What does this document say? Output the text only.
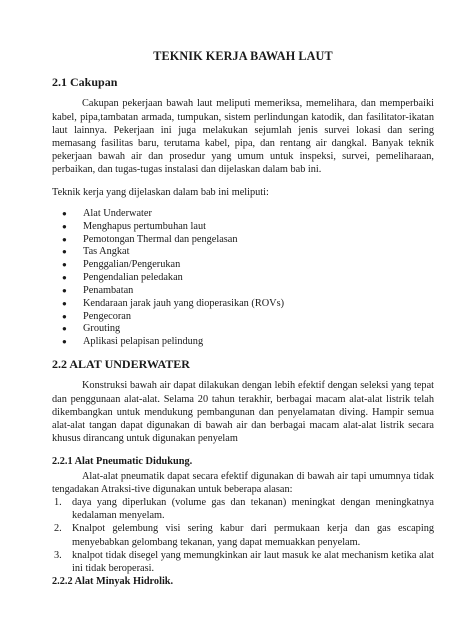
TEKNIK KERJA BAWAH LAUT
2.1 Cakupan

Cakupan pekerjaan bawah laut meliputi memeriksa, memelihara, dan memperbaiki kabel, pipa,tambatan armada, tumpukan, sistem perlindungan katodik, dan fasilitator-ikatan laut lainnya. Pekerjaan ini juga melakukan sejumlah jenis survei lokasi dan sering memasang fasilitas baru, terutama kabel, pipa, dan rentang air dangkal. Banyak teknik pekerjaan bawah air dan prosedur yang umum untuk inspeksi, survei, pemeliharaan, perbaikan, dan tugas-tugas instalasi dan dijelaskan dalam bab ini.

Teknik kerja yang dijelaskan dalam bab ini meliputi:

● Alat Underwater
● Menghapus pertumbuhan laut
● Pemotongan Thermal dan pengelasan
● Tas Angkat
● Penggalian/Pengerukan
● Pengendalian peledakan
● Penambatan
● Kendaraan jarak jauh yang dioperasikan (ROVs)
● Pengecoran
● Grouting
● Aplikasi pelapisan pelindung
2.2 ALAT UNDERWATER

Konstruksi bawah air dapat dilakukan dengan lebih efektif dengan seleksi yang tepat dan penggunaan alat-alat. Selama 20 tahun terakhir, berbagai macam alat-alat listrik telah dikembangkan untuk mendukung pembangunan dan penyelamatan diving. Hampir semua alat-alat tangan dapat digunakan di bawah air dan berbagai macam alat-alat listrik secara khusus dirancang untuk digunakan penyelam

2.2.1 Alat Pneumatic Didukung.

Alat-alat pneumatik dapat secara efektif digunakan di bawah air tapi umumnya tidak tengadakan Atraksi-tive digunakan untuk beberapa alasan:

1. daya yang diperlukan (volume gas dan tekanan) meningkat dengan meningkatnya kedalaman menyelam.
2. Knalpot gelembung visi sering kabur dari permukaan kerja dan gas escaping menyebabkan gelombang tekanan, yang dapat memuakkan penyelam.
3. knalpot tidak disegel yang memungkinkan air laut masuk ke alat mechanism ketika alat ini tidak beroperasi.
2.2.2 Alat Minyak Hidrolik.
